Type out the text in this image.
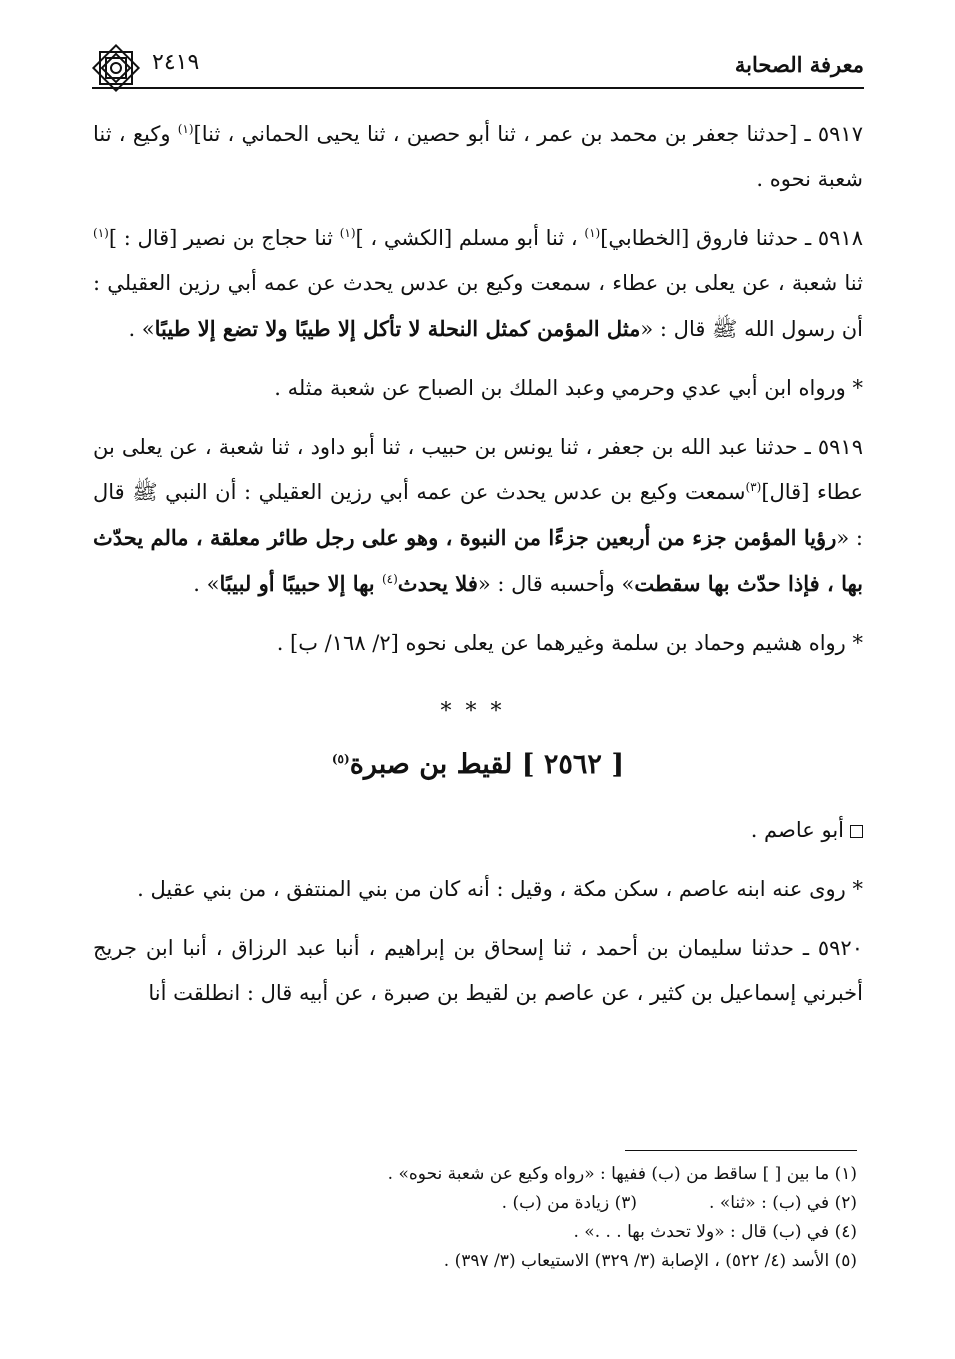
معرفة الصحابة
٢٤١٩

٥٩١٧ ـ [حدثنا جعفر بن محمد بن عمر ، ثنا أبو حصين ، ثنا يحيى الحماني ، ثنا]$^{(١)}$ وكيع ، ثنا شعبة نحوه .

٥٩١٨ ـ حدثنا فاروق [الخطابي]$^{(١)}$ ، ثنا أبو مسلم [الكشي ، ]$^{(١)}$ ثنا حجاج بن نصير [قال : ]$^{(١)}$ ثنا شعبة ، عن يعلى بن عطاء ، سمعت وكيع بن عدس يحدث عن عمه أبي رزين العقيلي : أن رسول الله ﷺ قال : «مثل المؤمن كمثل النحلة لا تأكل إلا طيبًا ولا تضع إلا طيبًا» .

* ورواه ابن أبي عدي وحرمي وعبد الملك بن الصباح عن شعبة مثله .

٥٩١٩ ـ حدثنا عبد الله بن جعفر ، ثنا يونس بن حبيب ، ثنا أبو داود ، ثنا شعبة ، عن يعلى بن عطاء [قال]$^{(٣)}$سمعت وكيع بن عدس يحدث عن عمه أبي رزين العقيلي : أن النبي ﷺ قال : «رؤيا المؤمن جزء من أربعين جزءًا من النبوة ، وهو على رجل طائر معلقة ، مالم يحدّث بها ، فإذا حدّث بها سقطت» وأحسبه قال : «فلا يحدث$^{(٤)}$ بها إلا حبيبًا أو لبيبًا» .

* رواه هشيم وحماد بن سلمة وغيرهما عن يعلى نحوه [٢/ ١٦٨/ ب] .

***
[ ٢٥٦٢ ] لقيط بن صبرة$^{(٥)}$

أبو عاصم .

* روى عنه ابنه عاصم ، سكن مكة ، وقيل : أنه كان من بني المنتفق ، من بني عقيل .

٥٩٢٠ ـ حدثنا سليمان بن أحمد ، ثنا إسحاق بن إبراهيم ، أنبا عبد الرزاق ، أنبا ابن جريج أخبرني إسماعيل بن كثير ، عن عاصم بن لقيط بن صبرة ، عن أبيه قال : انطلقت أنا

(١) ما بين [ ] ساقط من (ب) ففيها : «رواه وكيع عن شعبة نحوه» .
(٢) في (ب) : «ثنا» .(٣) زيادة من (ب) .
(٤) في (ب) قال : «ولا تحدث بها . . .» .
(٥) الأسد (٤/ ٥٢٢) ، الإصابة (٣/ ٣٢٩) الاستيعاب (٣/ ٣٩٧) .
